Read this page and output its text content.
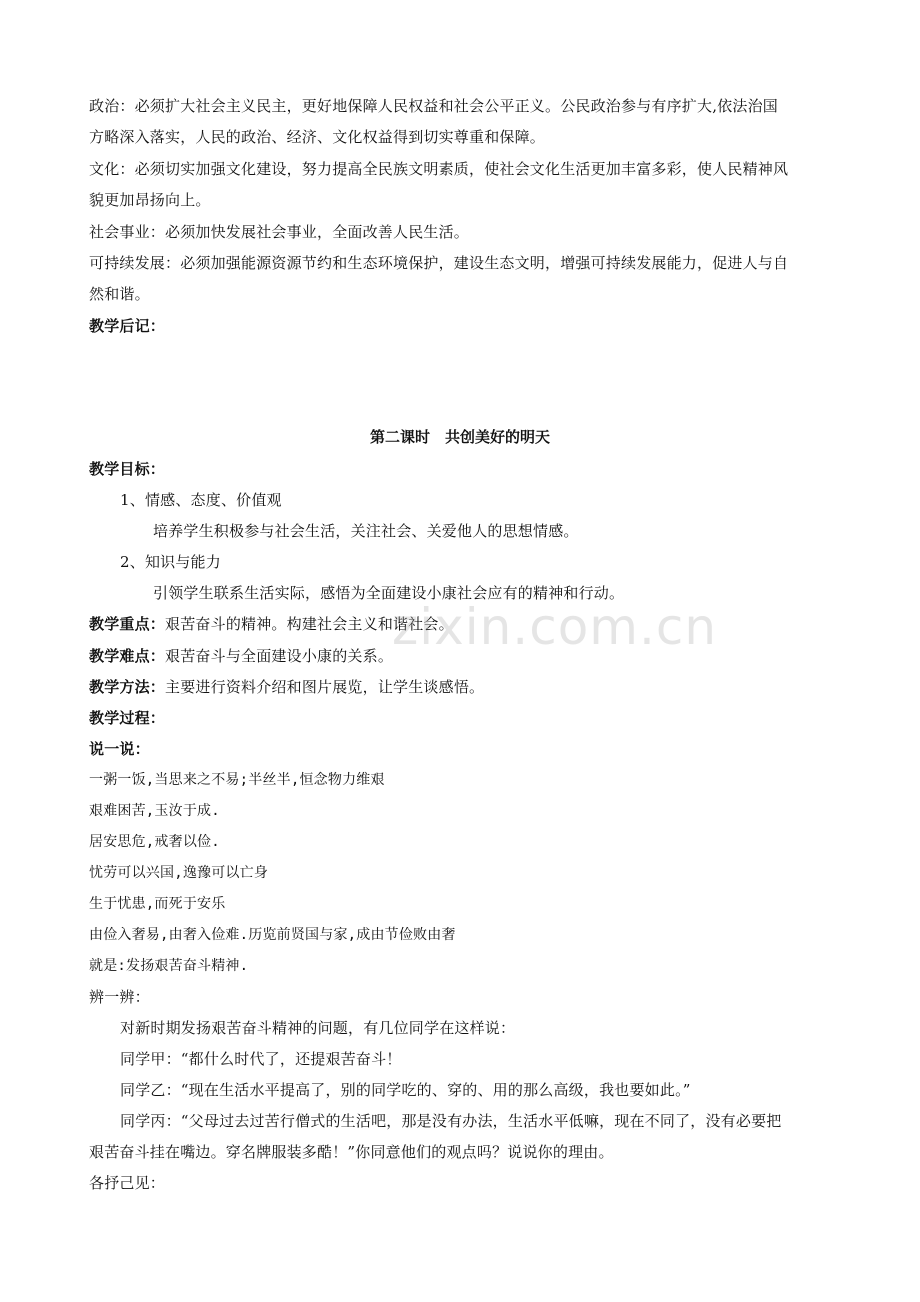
政治：必须扩大社会主义民主，更好地保障人民权益和社会公平正义。公民政治参与有序扩大,依法治国
方略深入落实，人民的政治、经济、文化权益得到切实尊重和保障。
文化：必须切实加强文化建设，努力提高全民族文明素质，使社会文化生活更加丰富多彩，使人民精神风
貌更加昂扬向上。
社会事业：必须加快发展社会事业，全面改善人民生活。
可持续发展：必须加强能源资源节约和生态环境保护，建设生态文明，增强可持续发展能力，促进人与自
然和谐。
教学后记：
第二课时　共创美好的明天
教学目标：
1、情感、态度、价值观
培养学生积极参与社会生活，关注社会、关爱他人的思想情感。
2、知识与能力
引领学生联系生活实际，感悟为全面建设小康社会应有的精神和行动。
教学重点：艰苦奋斗的精神。构建社会主义和谐社会。
教学难点：艰苦奋斗与全面建设小康的关系。
教学方法：主要进行资料介绍和图片展览，让学生谈感悟。
教学过程：
说一说：
一粥一饭,当思来之不易;半丝半,恒念物力维艰
艰难困苦,玉汝于成.
居安思危,戒奢以俭.
忧劳可以兴国,逸豫可以亡身
生于忧患,而死于安乐
由俭入奢易,由奢入俭难.历览前贤国与家,成由节俭败由奢
就是:发扬艰苦奋斗精神.
辨一辨：
对新时期发扬艰苦奋斗精神的问题，有几位同学在这样说：
同学甲：“都什么时代了，还提艰苦奋斗！
同学乙：“现在生活水平提高了，别的同学吃的、穿的、用的那么高级，我也要如此。”
同学丙：“父母过去过苦行僧式的生活吧，那是没有办法，生活水平低嘛，现在不同了，没有必要把
艰苦奋斗挂在嘴边。穿名牌服装多酷！”你同意他们的观点吗？说说你的理由。
各抒己见：
zixin.com.cn
